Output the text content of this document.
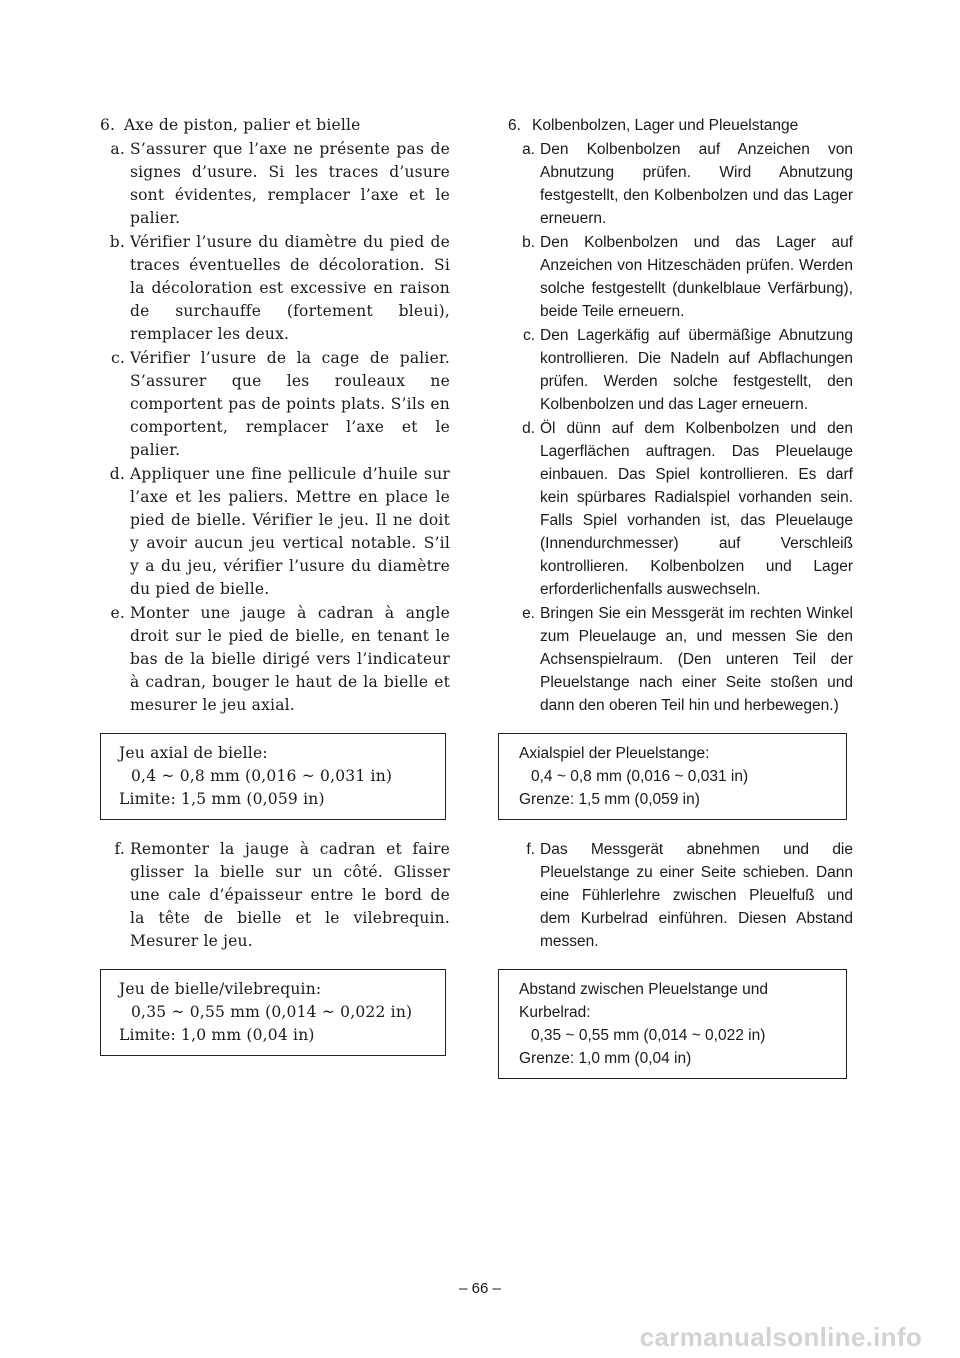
6. Axe de piston, palier et bielle
a. S’assurer que l’axe ne présente pas de signes d’usure. Si les traces d’usure sont évidentes, remplacer l’axe et le palier.
b. Vérifier l’usure du diamètre du pied de traces éventuelles de décoloration. Si la décoloration est excessive en raison de surchauffe (fortement bleui), remplacer les deux.
c. Vérifier l’usure de la cage de palier. S’assurer que les rouleaux ne comportent pas de points plats. S’ils en comportent, remplacer l’axe et le palier.
d. Appliquer une fine pellicule d’huile sur l’axe et les paliers. Mettre en place le pied de bielle. Vérifier le jeu. Il ne doit y avoir aucun jeu vertical notable. S’il y a du jeu, vérifier l’usure du diamètre du pied de bielle.
e. Monter une jauge à cadran à angle droit sur le pied de bielle, en tenant le bas de la bielle dirigé vers l’indicateur à cadran, bouger le haut de la bielle et mesurer le jeu axial.
Jeu axial de bielle:
0,4 ~ 0,8 mm (0,016 ~ 0,031 in)
Limite: 1,5 mm (0,059 in)
f. Remonter la jauge à cadran et faire glisser la bielle sur un côté. Glisser une cale d’épaisseur entre le bord de la tête de bielle et le vilebrequin. Mesurer le jeu.
Jeu de bielle/vilebrequin:
0,35 ~ 0,55 mm (0,014 ~ 0,022 in)
Limite: 1,0 mm (0,04 in)
6. Kolbenbolzen, Lager und Pleuelstange
a. Den Kolbenbolzen auf Anzeichen von Abnutzung prüfen. Wird Abnutzung festgestellt, den Kolbenbolzen und das Lager erneuern.
b. Den Kolbenbolzen und das Lager auf Anzeichen von Hitzeschäden prüfen. Werden solche festgestellt (dunkelblaue Verfärbung), beide Teile erneuern.
c. Den Lagerkäfig auf übermäßige Abnutzung kontrollieren. Die Nadeln auf Abflachungen prüfen. Werden solche festgestellt, den Kolbenbolzen und das Lager erneuern.
d. Öl dünn auf dem Kolbenbolzen und den Lagerflächen auftragen. Das Pleuelauge einbauen. Das Spiel kontrollieren. Es darf kein spürbares Radialspiel vorhanden sein. Falls Spiel vorhanden ist, das Pleuelauge (Innendurchmesser) auf Verschleiß kontrollieren. Kolbenbolzen und Lager erforderlichenfalls auswechseln.
e. Bringen Sie ein Messgerät im rechten Winkel zum Pleuelauge an, und messen Sie den Achsenspielraum. (Den unteren Teil der Pleuelstange nach einer Seite stoßen und dann den oberen Teil hin und herbewegen.)
Axialspiel der Pleuelstange:
0,4 ~ 0,8 mm (0,016 ~ 0,031 in)
Grenze: 1,5 mm (0,059 in)
f. Das Messgerät abnehmen und die Pleuelstange zu einer Seite schieben. Dann eine Fühlerlehre zwischen Pleuelfuß und dem Kurbelrad einführen. Diesen Abstand messen.
Abstand zwischen Pleuelstange und Kurbelrad:
0,35 ~ 0,55 mm (0,014 ~ 0,022 in)
Grenze: 1,0 mm (0,04 in)
– 66 –
carmanualsonline.info
